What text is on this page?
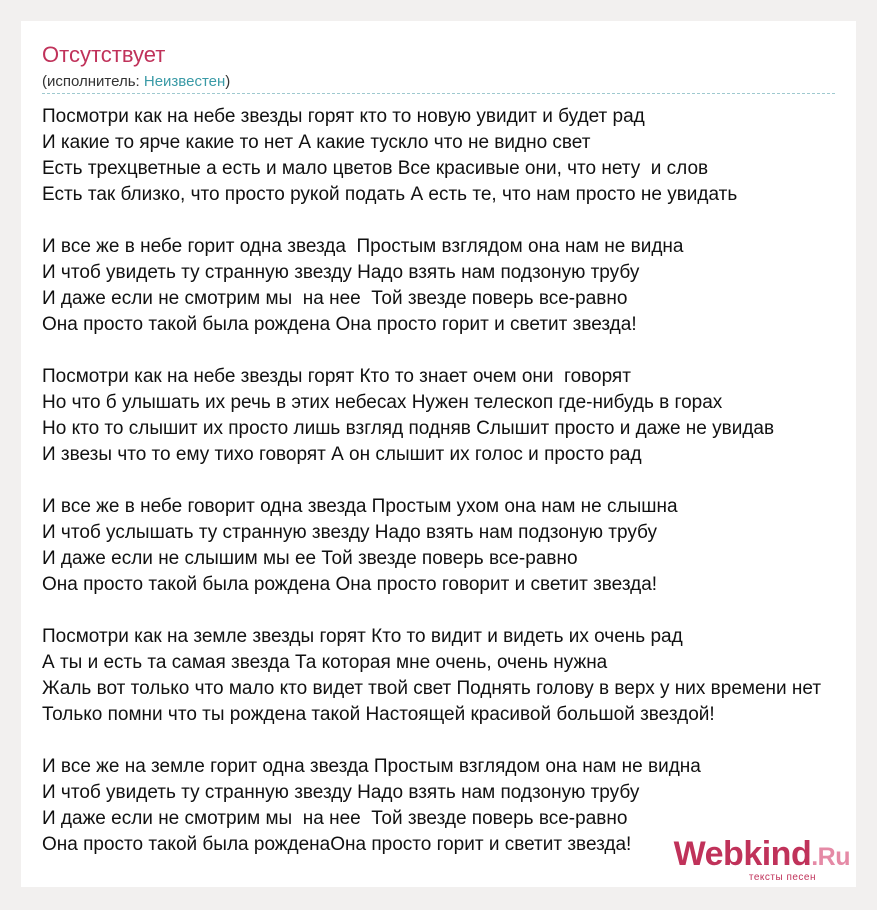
Отсутствует
(исполнитель: Неизвестен)
Посмотри как на небе звезды горят кто то новую увидит и будет рад
И какие то ярче какие то нет А какие тускло что не видно свет
Есть трехцветные а есть и мало цветов Все красивые они, что нету  и слов
Есть так близко, что просто рукой подать А есть те, что нам просто не увидать
И все же в небе горит одна звезда  Простым взглядом она нам не видна
И чтоб увидеть ту странную звезду Надо взять нам подзоную трубу
И даже если не смотрим мы  на нее  Той звезде поверь все-равно
Она просто такой была рождена Она просто горит и светит звезда!
Посмотри как на небе звезды горят Кто то знает очем они  говорят
Но что б улышать их речь в этих небесах Нужен телескоп где-нибудь в горах
Но кто то слышит их просто лишь взгляд подняв Слышит просто и даже не увидав
И звезы что то ему тихо говорят А он слышит их голос и просто рад
И все же в небе говорит одна звезда Простым ухом она нам не слышна
И чтоб услышать ту странную звезду Надо взять нам подзоную трубу
И даже если не слышим мы ее Той звезде поверь все-равно
Она просто такой была рождена Она просто говорит и светит звезда!
Посмотри как на земле звезды горят Кто то видит и видеть их очень рад
А ты и есть та самая звезда Та которая мне очень, очень нужна
Жаль вот только что мало кто видет твой свет Поднять голову в верх у них времени нет
Только помни что ты рождена такой Настоящей красивой большой звездой!
И все же на земле горит одна звезда Простым взглядом она нам не видна
И чтоб увидеть ту странную звезду Надо взять нам подзоную трубу
И даже если не смотрим мы  на нее  Той звезде поверь все-равно
Она просто такой была рожденаОна просто горит и светит звезда!	Webkind.Ru
тексты песен
